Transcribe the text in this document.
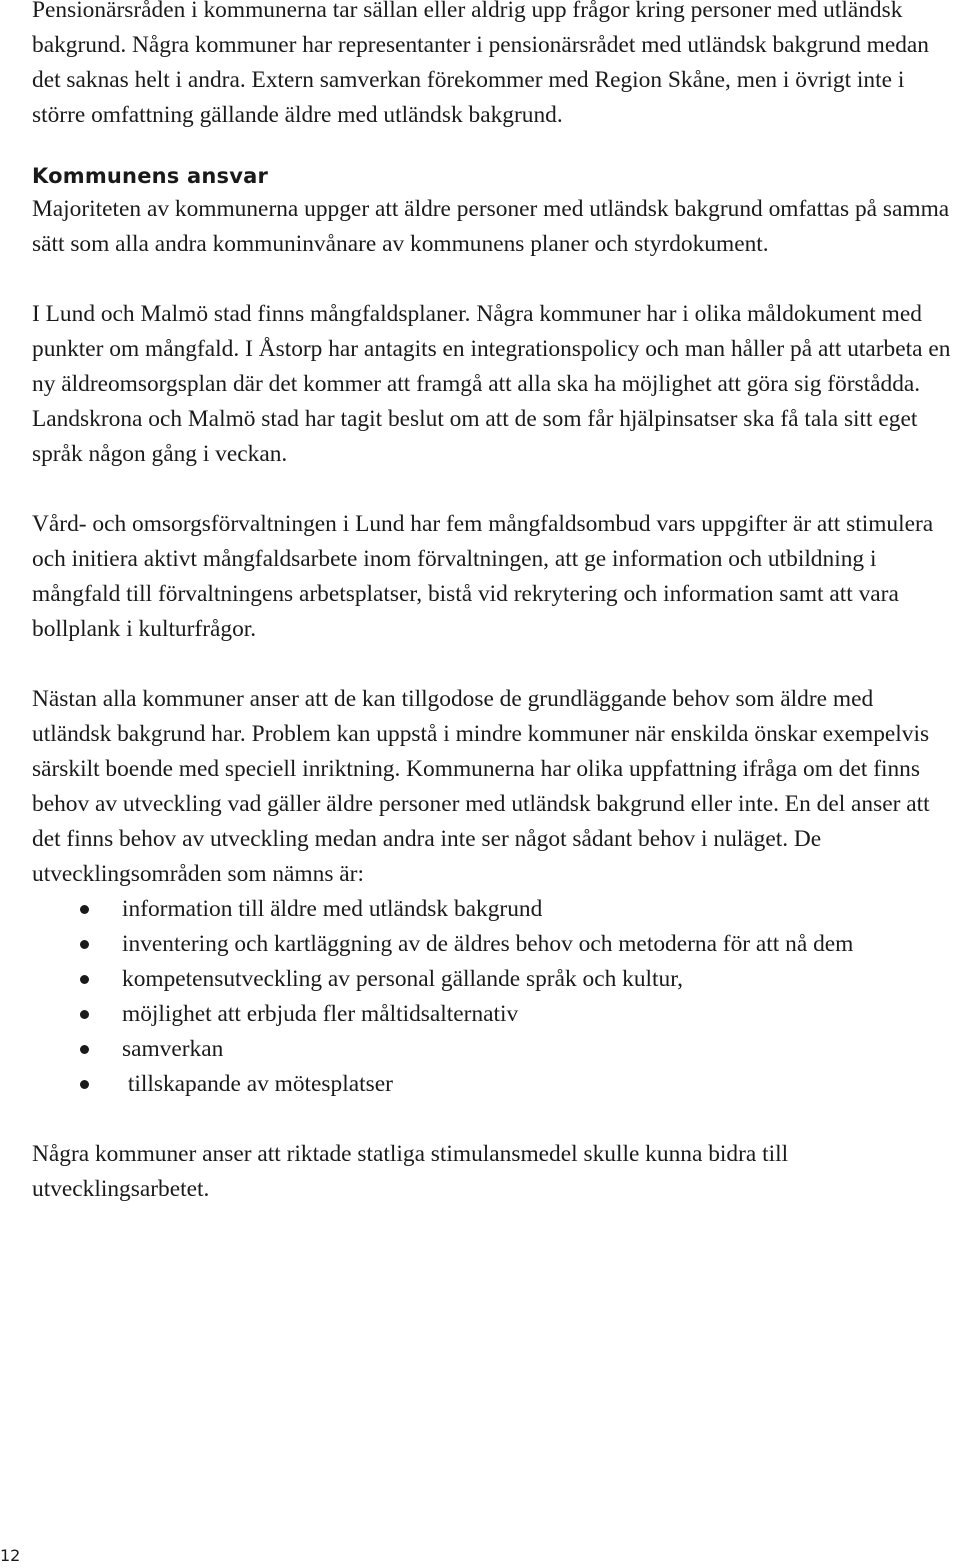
Pensionärsråden i kommunerna tar sällan eller aldrig upp frågor kring personer med utländsk bakgrund. Några kommuner har representanter i pensionärsrådet med utländsk bakgrund medan det saknas helt i andra. Extern samverkan förekommer med Region Skåne, men i övrigt inte i större omfattning gällande äldre med utländsk bakgrund.

Kommunens ansvar

Majoriteten av kommunerna uppger att äldre personer med utländsk bakgrund omfattas på samma sätt som alla andra kommuninvånare av kommunens planer och styrdokument.

I Lund och Malmö stad finns mångfaldsplaner. Några kommuner har i olika måldokument med punkter om mångfald. I Åstorp har antagits en integrationspolicy och man håller på att utarbeta en ny äldreomsorgsplan där det kommer att framgå att alla ska ha möjlighet att göra sig förstådda. Landskrona och Malmö stad har tagit beslut om att de som får hjälpinsatser ska få tala sitt eget språk någon gång i veckan.

Vård- och omsorgsförvaltningen i Lund har fem mångfaldsombud vars uppgifter är att stimulera och initiera aktivt mångfaldsarbete inom förvaltningen, att ge information och utbildning i mångfald till förvaltningens arbetsplatser, bistå vid rekrytering och information samt att vara bollplank i kulturfrågor.

Nästan alla kommuner anser att de kan tillgodose de grundläggande behov som äldre med utländsk bakgrund har. Problem kan uppstå i mindre kommuner när enskilda önskar exempelvis särskilt boende med speciell inriktning. Kommunerna har olika uppfattning ifråga om det finns behov av utveckling vad gäller äldre personer med utländsk bakgrund eller inte. En del anser att det finns behov av utveckling medan andra inte ser något sådant behov i nuläget. De utvecklingsområden som nämns är:

information till äldre med utländsk bakgrund
inventering och kartläggning av de äldres behov och metoderna för att nå dem
kompetensutveckling av personal gällande språk och kultur,
möjlighet att erbjuda fler måltidsalternativ
samverkan
tillskapande av mötesplatser

Några kommuner anser att riktade statliga stimulansmedel skulle kunna bidra till utvecklingsarbetet.

12
